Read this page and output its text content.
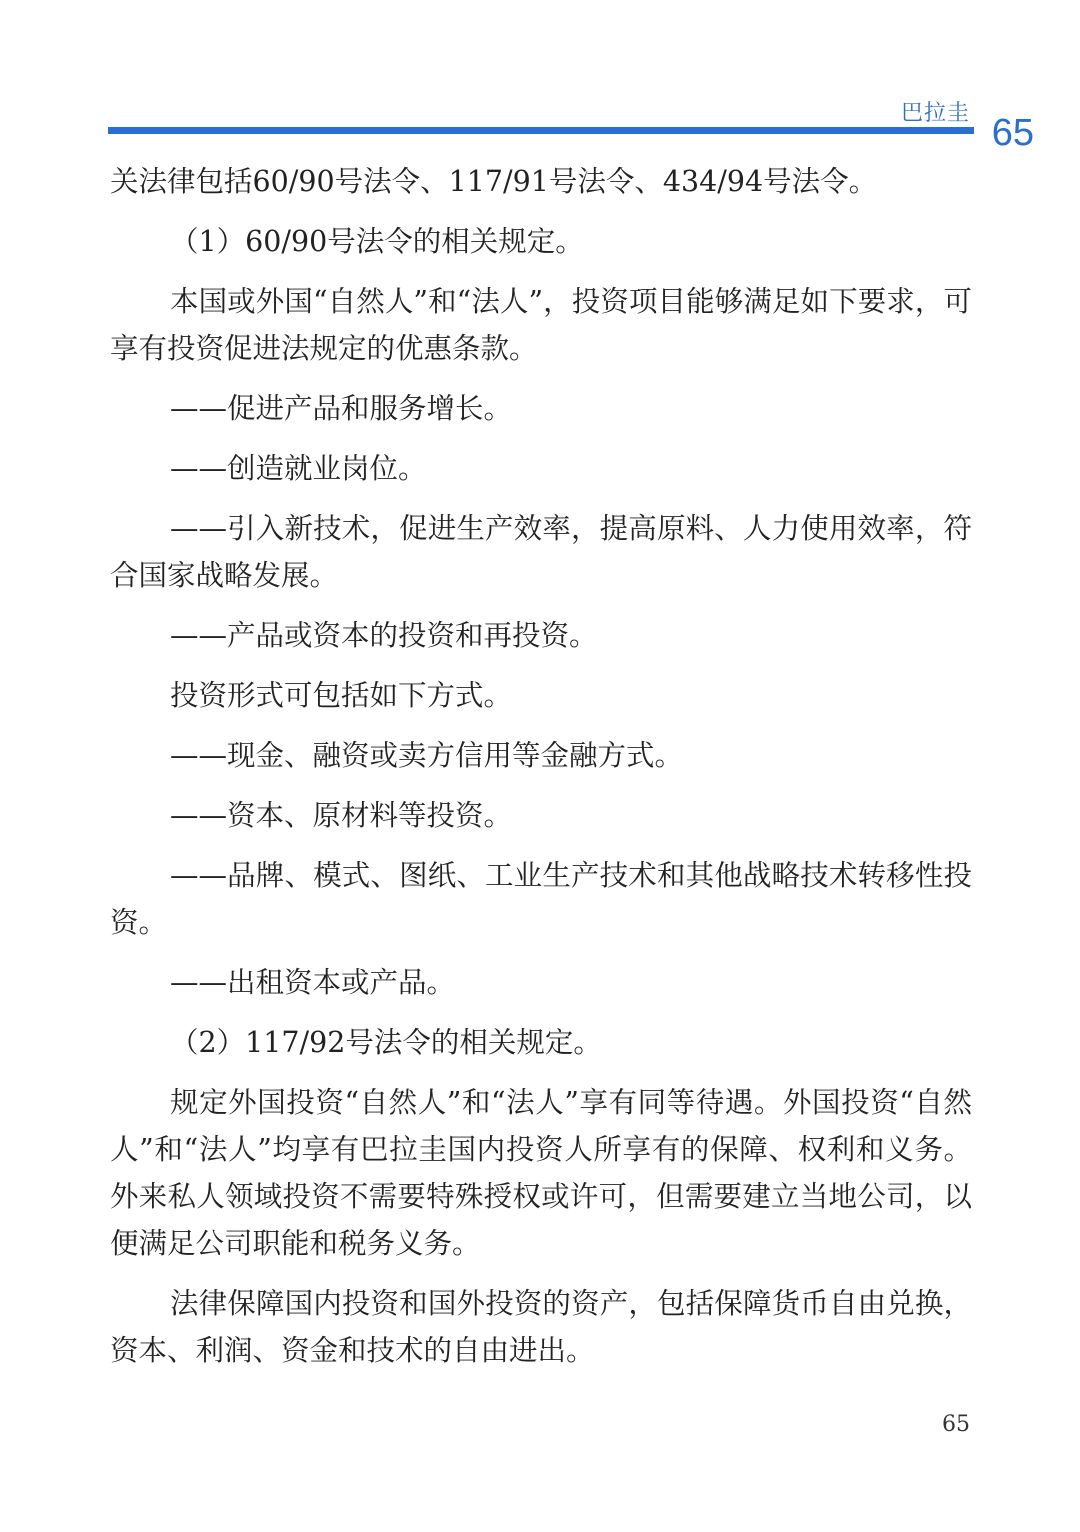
巴拉圭 65

关法律包括60/90号法令、117/91号法令、434/94号法令。

（1）60/90号法令的相关规定。

本国或外国“自然人”和“法人”，投资项目能够满足如下要求，可享有投资促进法规定的优惠条款。

——促进产品和服务增长。

——创造就业岗位。

——引入新技术，促进生产效率，提高原料、人力使用效率，符合国家战略发展。

——产品或资本的投资和再投资。

投资形式可包括如下方式。

——现金、融资或卖方信用等金融方式。

——资本、原材料等投资。

——品牌、模式、图纸、工业生产技术和其他战略技术转移性投资。

——出租资本或产品。

（2）117/92号法令的相关规定。

规定外国投资“自然人”和“法人”享有同等待遇。外国投资“自然人”和“法人”均享有巴拉圭国内投资人所享有的保障、权利和义务。外来私人领域投资不需要特殊授权或许可，但需要建立当地公司，以便满足公司职能和税务义务。

法律保障国内投资和国外投资的资产，包括保障货币自由兑换，资本、利润、资金和技术的自由进出。

65
